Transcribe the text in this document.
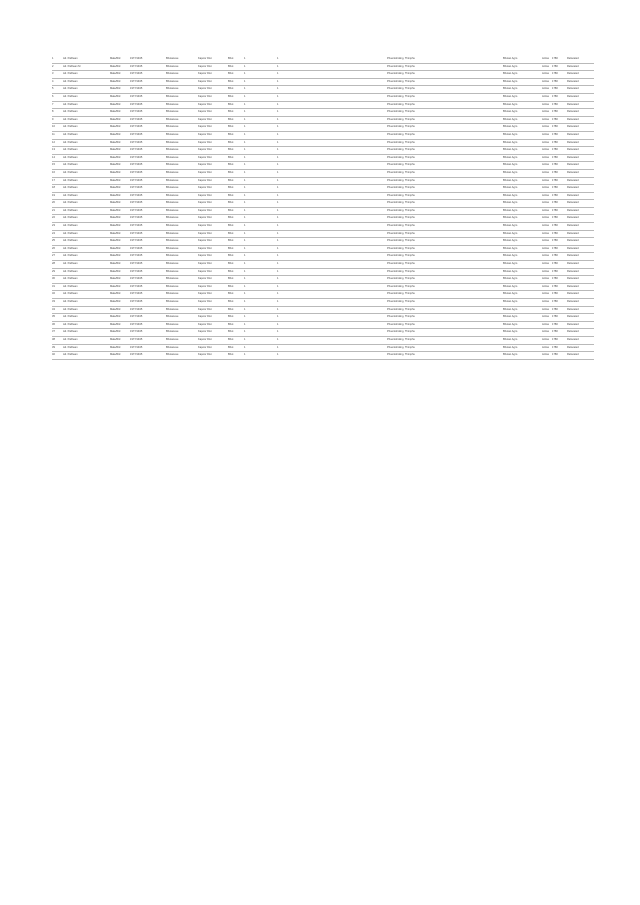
1	Ad. Pahlwan	Male/Rtd	1977/1945	Bhutanese	Kapoor Dist	Bhut	1	1	Phuentsholing, Thimphu	Bhutan Agro	Active	1780	Relocated
2	Ad. Pahlwan M	Male/Rtd	1977/1945	Bhutanese	Kapoor Dist	Bhut	1	1	Phuentsholing, Thimphu	Bhutan Agro	Active	1780	Relocated
3	Ad. Pahlwan	Male/Rtd	1977/1945	Bhutanese	Kapoor Dist	Bhut	1	1	Phuentsholing, Thimphu	Bhutan Agro	Active	1780	Relocated
4	Ad. Pahlwan	Male/Rtd	1977/1945	Bhutanese	Kapoor Dist	Bhut	1	1	Phuentsholing, Thimphu	Bhutan Agro	Active	1780	Relocated
5	Ad. Pahlwan	Male/Rtd	1977/1945	Bhutanese	Kapoor Dist	Bhut	1	1	Phuentsholing, Thimphu	Bhutan Agro	Active	1780	Relocated
6	Ad. Pahlwan	Male/Rtd	1977/1945	Bhutanese	Kapoor Dist	Bhut	1	1	Phuentsholing, Thimphu	Bhutan Agro	Active	1780	Relocated
7	Ad. Pahlwan	Male/Rtd	1977/1945	Bhutanese	Kapoor Dist	Bhut	1	1	Phuentsholing, Thimphu	Bhutan Agro	Active	1780	Relocated
8	Ad. Pahlwan	Male/Rtd	1977/1945	Bhutanese	Kapoor Dist	Bhut	1	1	Phuentsholing, Thimphu	Bhutan Agro	Active	1780	Relocated
9	Ad. Pahlwan	Male/Rtd	1977/1945	Bhutanese	Kapoor Dist	Bhut	1	1	Phuentsholing, Thimphu	Bhutan Agro	Active	1780	Relocated
10	Ad. Pahlwan	Male/Rtd	1977/1945	Bhutanese	Kapoor Dist	Bhut	1	1	Phuentsholing, Thimphu	Bhutan Agro	Active	1780	Relocated
11	Ad. Pahlwan	Male/Rtd	1977/1945	Bhutanese	Kapoor Dist	Bhut	1	1	Phuentsholing, Thimphu	Bhutan Agro	Active	1780	Relocated
12	Ad. Pahlwan	Male/Rtd	1977/1945	Bhutanese	Kapoor Dist	Bhut	1	1	Phuentsholing, Thimphu	Bhutan Agro	Active	1780	Relocated
13	Ad. Pahlwan	Male/Rtd	1977/1945	Bhutanese	Kapoor Dist	Bhut	1	1	Phuentsholing, Thimphu	Bhutan Agro	Active	1780	Relocated
14	Ad. Pahlwan	Male/Rtd	1977/1945	Bhutanese	Kapoor Dist	Bhut	1	1	Phuentsholing, Thimphu	Bhutan Agro	Active	1780	Relocated
15	Ad. Pahlwan	Male/Rtd	1977/1945	Bhutanese	Kapoor Dist	Bhut	1	1	Phuentsholing, Thimphu	Bhutan Agro	Active	1780	Relocated
16	Ad. Pahlwan	Male/Rtd	1977/1945	Bhutanese	Kapoor Dist	Bhut	1	1	Phuentsholing, Thimphu	Bhutan Agro	Active	1780	Relocated
17	Ad. Pahlwan	Male/Rtd	1977/1945	Bhutanese	Kapoor Dist	Bhut	1	1	Phuentsholing, Thimphu	Bhutan Agro	Active	1780	Relocated
18	Ad. Pahlwan	Male/Rtd	1977/1945	Bhutanese	Kapoor Dist	Bhut	1	1	Phuentsholing, Thimphu	Bhutan Agro	Active	1780	Relocated
19	Ad. Pahlwan	Male/Rtd	1977/1945	Bhutanese	Kapoor Dist	Bhut	1	1	Phuentsholing, Thimphu	Bhutan Agro	Active	1780	Relocated
20	Ad. Pahlwan	Male/Rtd	1977/1945	Bhutanese	Kapoor Dist	Bhut	1	1	Phuentsholing, Thimphu	Bhutan Agro	Active	1780	Relocated
21	Ad. Pahlwan	Male/Rtd	1977/1945	Bhutanese	Kapoor Dist	Bhut	1	1	Phuentsholing, Thimphu	Bhutan Agro	Active	1780	Relocated
22	Ad. Pahlwan	Male/Rtd	1977/1945	Bhutanese	Kapoor Dist	Bhut	1	1	Phuentsholing, Thimphu	Bhutan Agro	Active	1780	Relocated
23	Ad. Pahlwan	Male/Rtd	1977/1945	Bhutanese	Kapoor Dist	Bhut	1	1	Phuentsholing, Thimphu	Bhutan Agro	Active	1780	Relocated
24	Ad. Pahlwan	Male/Rtd	1977/1945	Bhutanese	Kapoor Dist	Bhut	1	1	Phuentsholing, Thimphu	Bhutan Agro	Active	1780	Relocated
25	Ad. Pahlwan	Male/Rtd	1977/1945	Bhutanese	Kapoor Dist	Bhut	1	1	Phuentsholing, Thimphu	Bhutan Agro	Active	1780	Relocated
26	Ad. Pahlwan	Male/Rtd	1977/1945	Bhutanese	Kapoor Dist	Bhut	1	1	Phuentsholing, Thimphu	Bhutan Agro	Active	1780	Relocated
27	Ad. Pahlwan	Male/Rtd	1977/1945	Bhutanese	Kapoor Dist	Bhut	1	1	Phuentsholing, Thimphu	Bhutan Agro	Active	1780	Relocated
28	Ad. Pahlwan	Male/Rtd	1977/1945	Bhutanese	Kapoor Dist	Bhut	1	1	Phuentsholing, Thimphu	Bhutan Agro	Active	1780	Relocated
29	Ad. Pahlwan	Male/Rtd	1977/1945	Bhutanese	Kapoor Dist	Bhut	1	1	Phuentsholing, Thimphu	Bhutan Agro	Active	1780	Relocated
30	Ad. Pahlwan	Male/Rtd	1977/1945	Bhutanese	Kapoor Dist	Bhut	1	1	Phuentsholing, Thimphu	Bhutan Agro	Active	1780	Relocated
31	Ad. Pahlwan	Male/Rtd	1977/1945	Bhutanese	Kapoor Dist	Bhut	1	1	Phuentsholing, Thimphu	Bhutan Agro	Active	1780	Relocated
32	Ad. Pahlwan	Male/Rtd	1977/1945	Bhutanese	Kapoor Dist	Bhut	1	1	Phuentsholing, Thimphu	Bhutan Agro	Active	1780	Relocated
33	Ad. Pahlwan	Male/Rtd	1977/1945	Bhutanese	Kapoor Dist	Bhut	1	1	Phuentsholing, Thimphu	Bhutan Agro	Active	1780	Relocated
34	Ad. Pahlwan	Male/Rtd	1977/1945	Bhutanese	Kapoor Dist	Bhut	1	1	Phuentsholing, Thimphu	Bhutan Agro	Active	1780	Relocated
35	Ad. Pahlwan	Male/Rtd	1977/1945	Bhutanese	Kapoor Dist	Bhut	1	1	Phuentsholing, Thimphu	Bhutan Agro	Active	1780	Relocated
36	Ad. Pahlwan	Male/Rtd	1977/1945	Bhutanese	Kapoor Dist	Bhut	1	1	Phuentsholing, Thimphu	Bhutan Agro	Active	1780	Relocated
37	Ad. Pahlwan	Male/Rtd	1977/1945	Bhutanese	Kapoor Dist	Bhut	1	1	Phuentsholing, Thimphu	Bhutan Agro	Active	1780	Relocated
38	Ad. Pahlwan	Male/Rtd	1977/1945	Bhutanese	Kapoor Dist	Bhut	1	1	Phuentsholing, Thimphu	Bhutan Agro	Active	1780	Relocated
39	Ad. Pahlwan	Male/Rtd	1977/1945	Bhutanese	Kapoor Dist	Bhut	1	1	Phuentsholing, Thimphu	Bhutan Agro	Active	1780	Relocated
40	Ad. Pahlwan	Male/Rtd	1977/1945	Bhutanese	Kapoor Dist	Bhut	1	1	Phuentsholing, Thimphu	Bhutan Agro	Active	1780	Relocated
